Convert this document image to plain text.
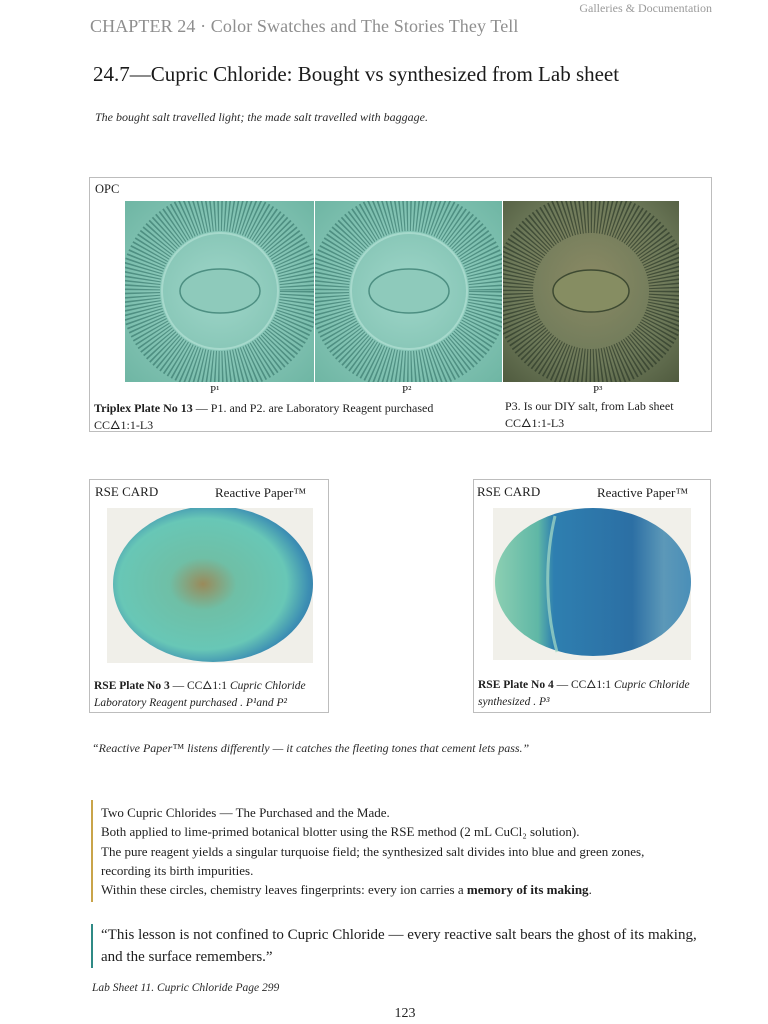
Galleries & Documentation
CHAPTER 24 · Color Swatches and The Stories They Tell
24.7—Cupric Chloride: Bought vs synthesized from Lab sheet
The bought salt travelled light; the made salt travelled with baggage.
OPC
P¹	P²	P³
Triplex Plate No 13 — P1. and P2. are Laboratory Reagent purchased
CC🜂1:1-L3
P3. Is our DIY salt, from Lab sheet
CC🜂1:1-L3
RSE CARD	Reactive Paper™
RSE Plate No 3 — CC🜂1:1 Cupric Chloride
Laboratory Reagent purchased . P¹and P²
RSE CARD	Reactive Paper™
RSE Plate No 4 — CC🜂1:1 Cupric Chloride
synthesized . P³
“Reactive Paper™ listens differently — it catches the fleeting tones that cement lets pass.”
Two Cupric Chlorides — The Purchased and the Made.
Both applied to lime-primed botanical blotter using the RSE method (2 mL CuCl₂ solution).
The pure reagent yields a singular turquoise field; the synthesized salt divides into blue and green zones,
recording its birth impurities.
Within these circles, chemistry leaves fingerprints: every ion carries a memory of its making.
“This lesson is not confined to Cupric Chloride — every reactive salt bears the ghost of its making,
and the surface remembers.”
Lab Sheet 11. Cupric Chloride Page 299
123
